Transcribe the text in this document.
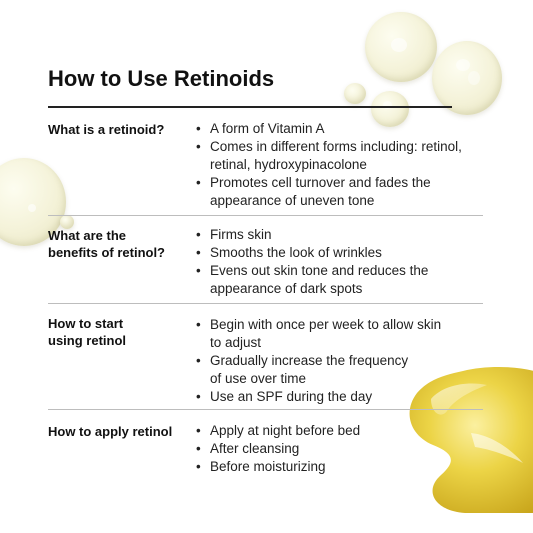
How to Use Retinoids
What is a retinoid?	• A form of Vitamin A
• Comes in different forms including: retinol,
retinal, hydroxypinacolone
• Promotes cell turnover and fades the
appearance of uneven tone
What are the
benefits of retinol?
• Firms skin
• Smooths the look of wrinkles
• Evens out skin tone and reduces the
appearance of dark spots
How to start
using retinol
• Begin with once per week to allow skin
to adjust
• Gradually increase the frequency
of use over time
• Use an SPF during the day
How to apply retinol	• Apply at night before bed
• After cleansing
• Before moisturizing
